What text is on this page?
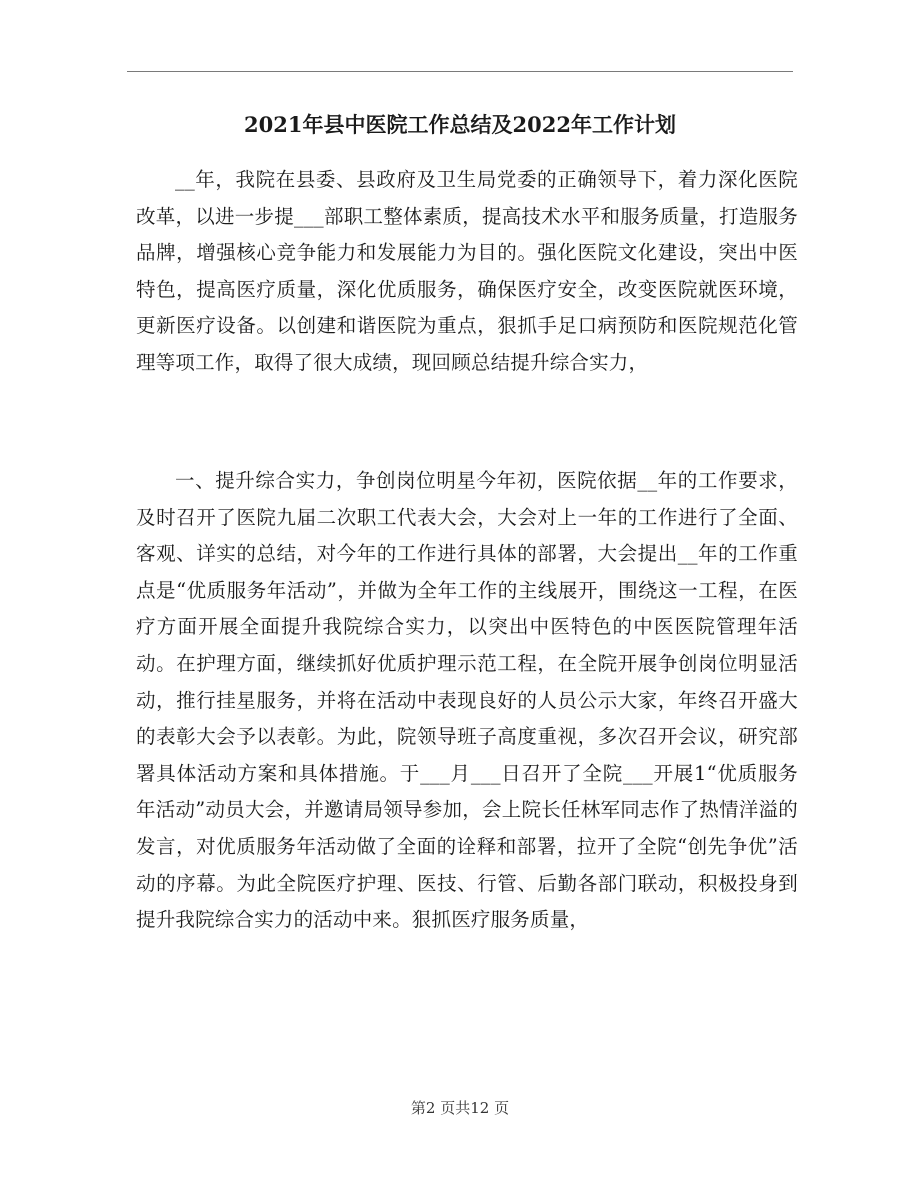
2021年县中医院工作总结及2022年工作计划

__年，我院在县委、县政府及卫生局党委的正确领导下，着力深化医院改革，以进一步提___部职工整体素质，提高技术水平和服务质量，打造服务品牌，增强核心竞争能力和发展能力为目的。强化医院文化建设，突出中医特色，提高医疗质量，深化优质服务，确保医疗安全，改变医院就医环境，更新医疗设备。以创建和谐医院为重点，狠抓手足口病预防和医院规范化管理等项工作，取得了很大成绩，现回顾总结提升综合实力，

一、提升综合实力，争创岗位明星今年初，医院依据__年的工作要求，及时召开了医院九届二次职工代表大会，大会对上一年的工作进行了全面、客观、详实的总结，对今年的工作进行具体的部署，大会提出__年的工作重点是“优质服务年活动”，并做为全年工作的主线展开，围绕这一工程，在医疗方面开展全面提升我院综合实力，以突出中医特色的中医医院管理年活动。在护理方面，继续抓好优质护理示范工程，在全院开展争创岗位明显活动，推行挂星服务，并将在活动中表现良好的人员公示大家，年终召开盛大的表彰大会予以表彰。为此，院领导班子高度重视，多次召开会议，研究部署具体活动方案和具体措施。于___月___日召开了全院___开展1“优质服务年活动”动员大会，并邀请局领导参加，会上院长任林军同志作了热情洋溢的发言，对优质服务年活动做了全面的诠释和部署，拉开了全院“创先争优”活动的序幕。为此全院医疗护理、医技、行管、后勤各部门联动，积极投身到提升我院综合实力的活动中来。狠抓医疗服务质量，

第2 页共12 页
